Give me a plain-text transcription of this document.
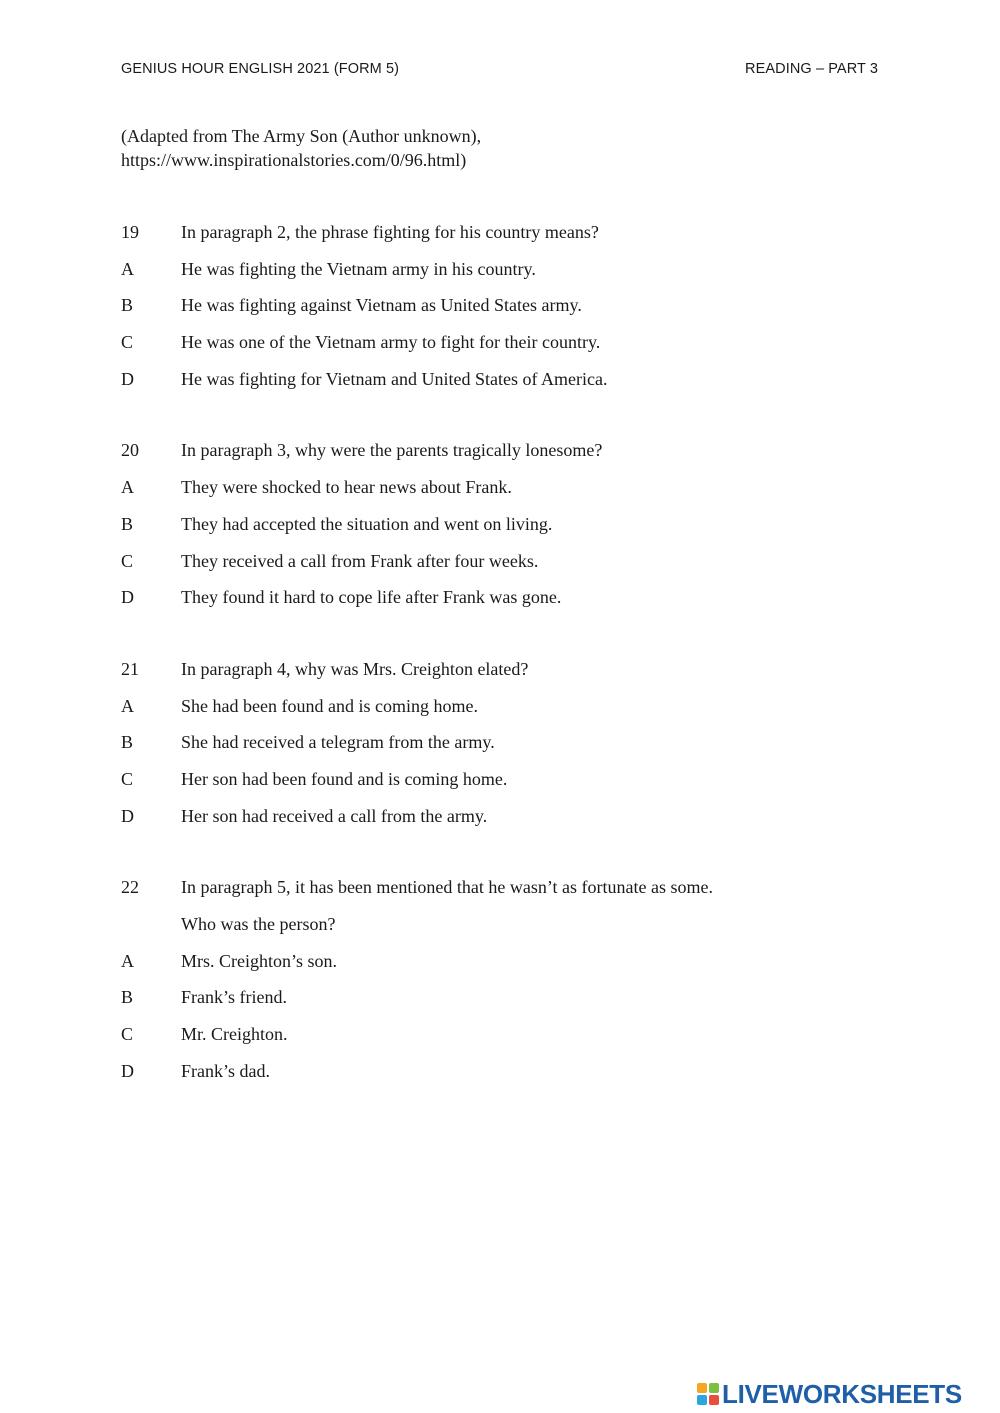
GENIUS HOUR ENGLISH 2021 (FORM 5)	READING – PART 3
(Adapted from The Army Son (Author unknown),
https://www.inspirationalstories.com/0/96.html)
19	In paragraph 2, the phrase fighting for his country means?
A	He was fighting the Vietnam army in his country.
B	He was fighting against Vietnam as United States army.
C	He was one of the Vietnam army to fight for their country.
D	He was fighting for Vietnam and United States of America.
20	In paragraph 3, why were the parents tragically lonesome?
A	They were shocked to hear news about Frank.
B	They had accepted the situation and went on living.
C	They received a call from Frank after four weeks.
D	They found it hard to cope life after Frank was gone.
21	In paragraph 4, why was Mrs. Creighton elated?
A	She had been found and is coming home.
B	She had received a telegram from the army.
C	Her son had been found and is coming home.
D	Her son had received a call from the army.
22	In paragraph 5, it has been mentioned that he wasn’t as fortunate as some.
Who was the person?
A	Mrs. Creighton’s son.
B	Frank’s friend.
C	Mr. Creighton.
D	Frank’s dad.
LIVEWORKSHEETS
